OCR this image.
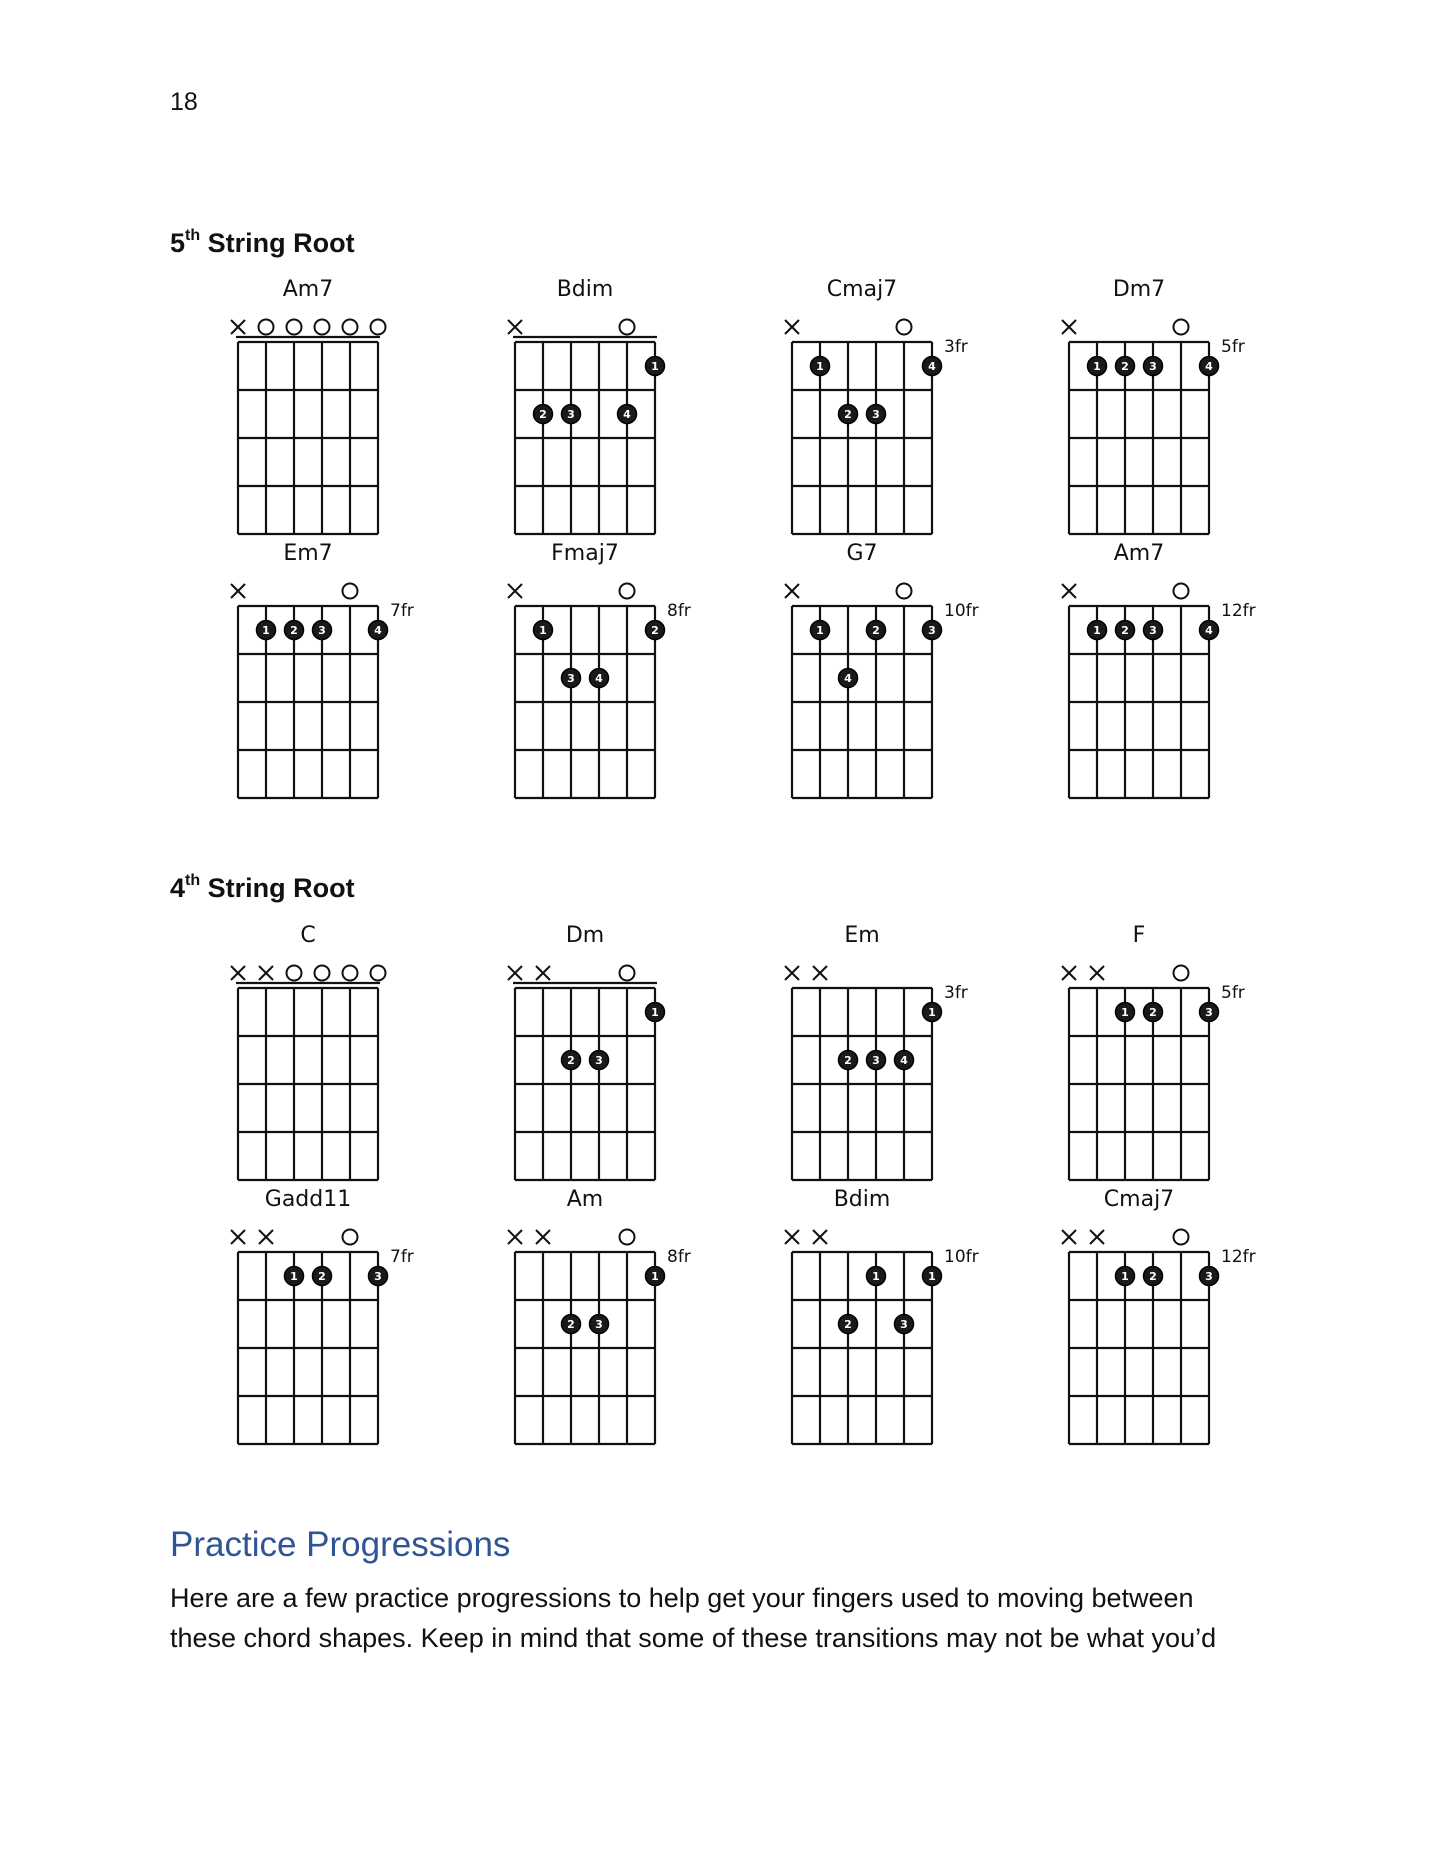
18
5th String Root
4th String Root
Am7	Bdim
1
2 3	4
Cmaj7
3fr
1	4
2 3
Dm7
5fr
1 2 3	4
Em7
7fr
1 2 3	4
Fmaj7
8fr
1	2
3 4
G7
10fr
1	2	3
4
Am7
12fr
1 2 3	4
C	Dm
1
2 3
Em
3fr
1
2 3 4
F
5fr
1 2	3
Gadd11
7fr
1 2	3
Am
8fr
1
2 3
Bdim
10fr
1	1
2	3
Cmaj7
12fr
1 2	3
Practice Progressions
Here are a few practice progressions to help get your fingers used to moving between
these chord shapes. Keep in mind that some of these transitions may not be what you’d
